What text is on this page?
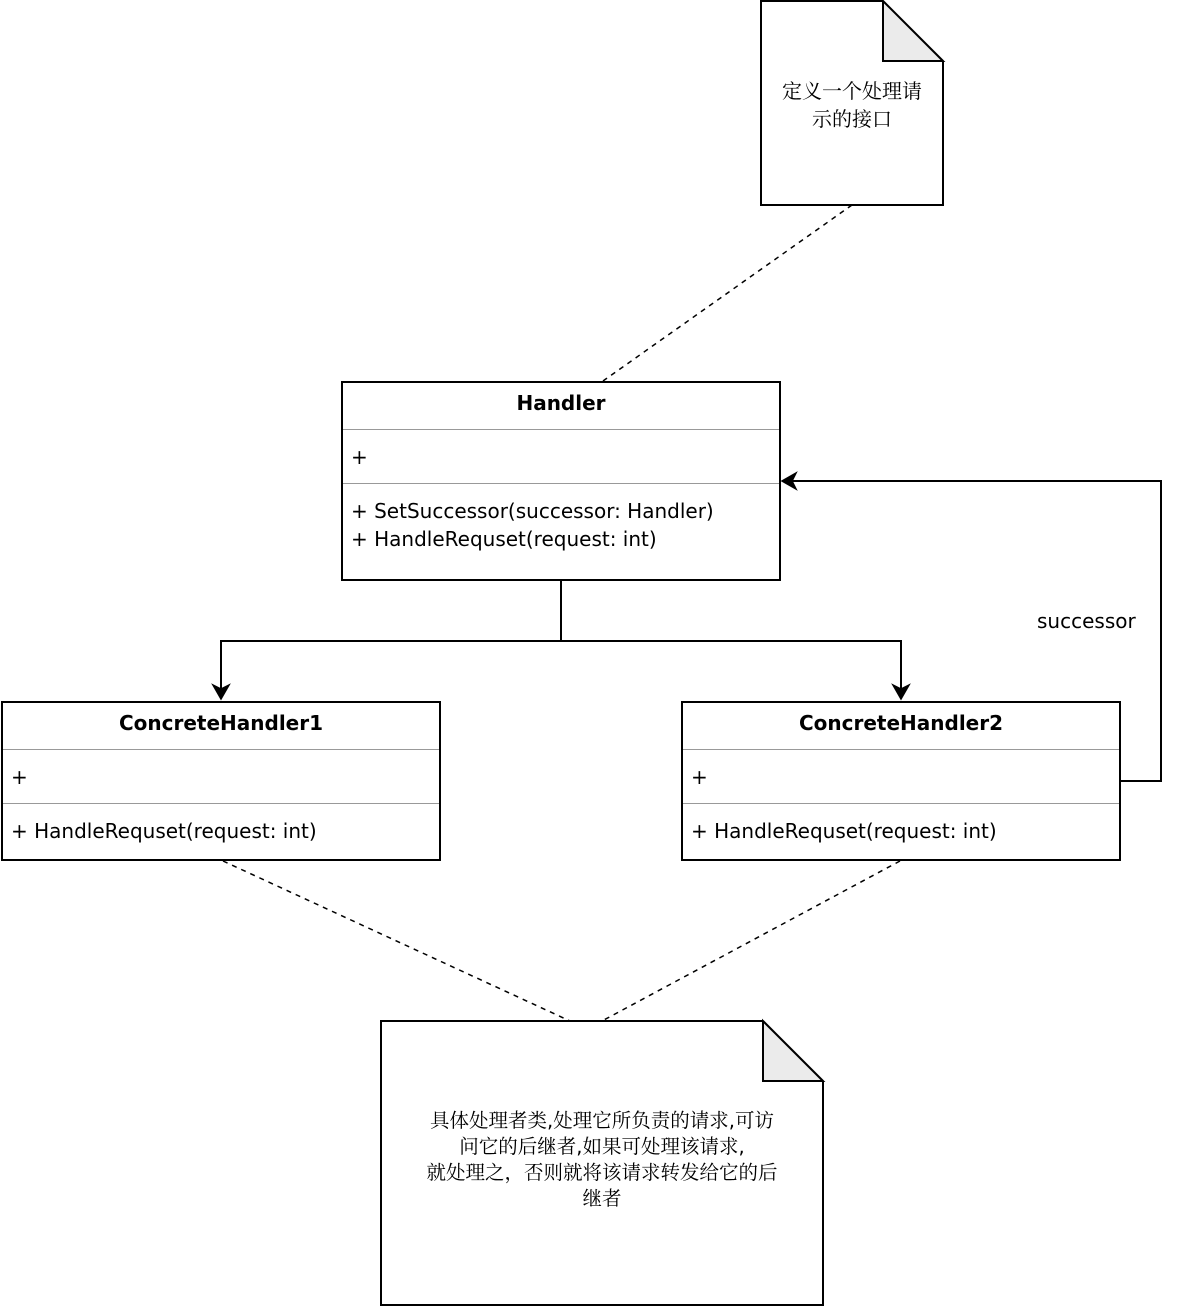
定义一个处理请
示的接口
Handler
+
+ SetSuccessor(successor: Handler)
+ HandleRequset(request: int)
ConcreteHandler1
+
+ HandleRequset(request: int)
ConcreteHandler2
+
+ HandleRequset(request: int)
successor
具体处理者类,处理它所负责的请求,可访
问它的后继者,如果可处理该请求,
就处理之，否则就将该请求转发给它的后
继者
